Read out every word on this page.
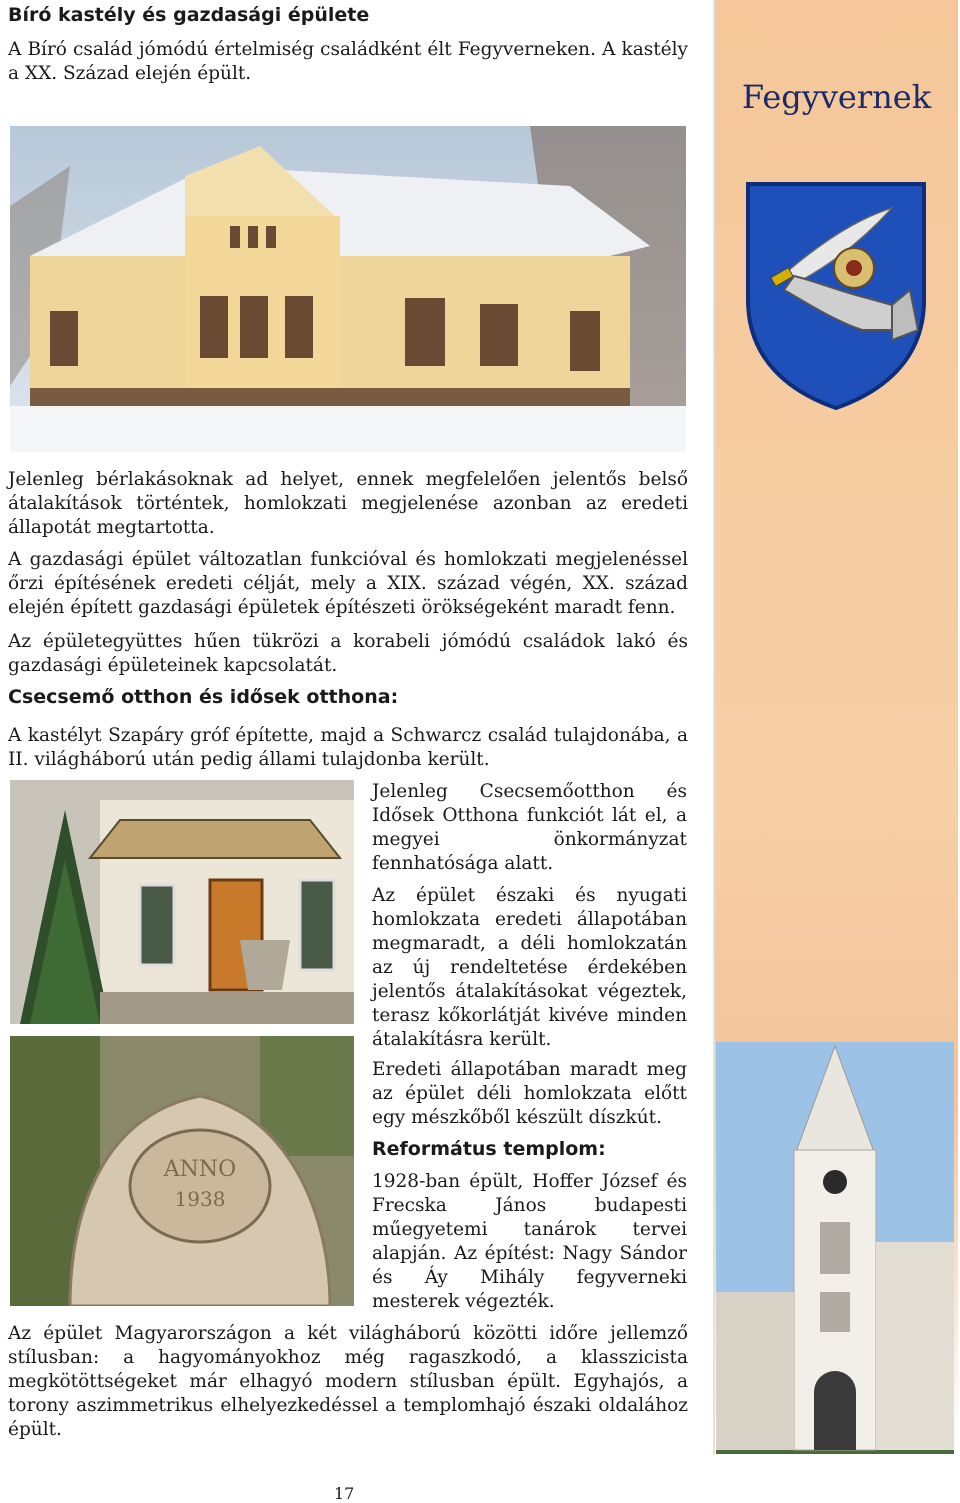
Fegyvernek
Bíró kastély és gazdasági épülete

A Bíró család jómódú értelmiség családként élt Fegyverneken. A kastély a XX. Század elején épült.

Jelenleg bérlakásoknak ad helyet, ennek megfelelően jelentős belső átalakítások történtek, homlokzati megjelenése azonban az eredeti állapotát megtartotta.

A gazdasági épület változatlan funkcióval és homlokzati megjelenéssel őrzi építésének eredeti célját, mely a XIX. század végén, XX. század elején épített gazdasági épületek építészeti örökségeként maradt fenn.

Az épületegyüttes hűen tükrözi a korabeli jómódú családok lakó és gazdasági épületeinek kapcsolatát.

Csecsemő otthon és idősek otthona:

A kastélyt Szapáry gróf építette, majd a Schwarcz család tulajdonába, a II. világháború után pedig állami tulajdonba került.

ANNO
1938

Jelenleg Csecsemőotthon és Idősek Otthona funkciót lát el, a megyei önkormányzat fennhatósága alatt.

Az épület északi és nyugati homlokzata eredeti állapotában megmaradt, a déli homlokzatán az új rendeltetése érdekében jelentős átalakításokat végeztek, terasz kőkorlátját kivéve minden átalakításra került.

Eredeti állapotában maradt meg az épület déli homlokzata előtt egy mészkőből készült díszkút.

Református templom:

1928-ban épült, Hoffer József és Frecska János budapesti műegyetemi tanárok tervei alapján. Az építést: Nagy Sándor és Áy Mihály fegyverneki mesterek végezték.

Az épület Magyarországon a két világháború közötti időre jellemző stílusban: a hagyományokhoz még ragaszkodó, a klasszicista megkötöttségeket már elhagyó modern stílusban épült. Egyhajós, a torony aszimmetrikus elhelyezkedéssel a templomhajó északi oldalához épült.

17
